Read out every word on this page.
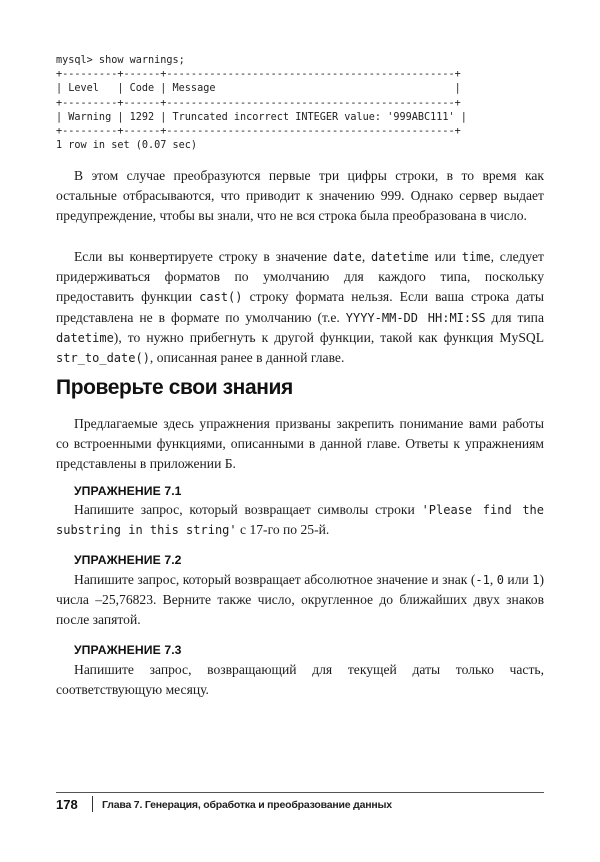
mysql> show warnings;
+---------+------+-----------------------------------------------+
| Level   | Code | Message                                       |
+---------+------+-----------------------------------------------+
| Warning | 1292 | Truncated incorrect INTEGER value: '999ABC111' |
+---------+------+-----------------------------------------------+
1 row in set (0.07 sec)

В этом случае преобразуются первые три цифры строки, в то время как остальные отбрасываются, что приводит к значению 999. Однако сервер выдает предупреждение, чтобы вы знали, что не вся строка была преобразована в число.

Если вы конвертируете строку в значение date, datetime или time, следует придерживаться форматов по умолчанию для каждого типа, поскольку предоставить функции cast() строку формата нельзя. Если ваша строка даты представлена не в формате по умолчанию (т.е. YYYY-MM-DD HH:MI:SS для типа datetime), то нужно прибегнуть к другой функции, такой как функция MySQL str_to_date(), описанная ранее в данной главе.

Проверьте свои знания

Предлагаемые здесь упражнения призваны закрепить понимание вами работы со встроенными функциями, описанными в данной главе. Ответы к упражнениям представлены в приложении Б.

УПРАЖНЕНИЕ 7.1

Напишите запрос, который возвращает символы строки 'Please find the substring in this string' с 17-го по 25-й.

УПРАЖНЕНИЕ 7.2

Напишите запрос, который возвращает абсолютное значение и знак (-1, 0 или 1) числа –25,76823. Верните также число, округленное до ближайших двух знаков после запятой.

УПРАЖНЕНИЕ 7.3

Напишите запрос, возвращающий для текущей даты только часть, соответствующую месяцу.

178 Глава 7. Генерация, обработка и преобразование данных
